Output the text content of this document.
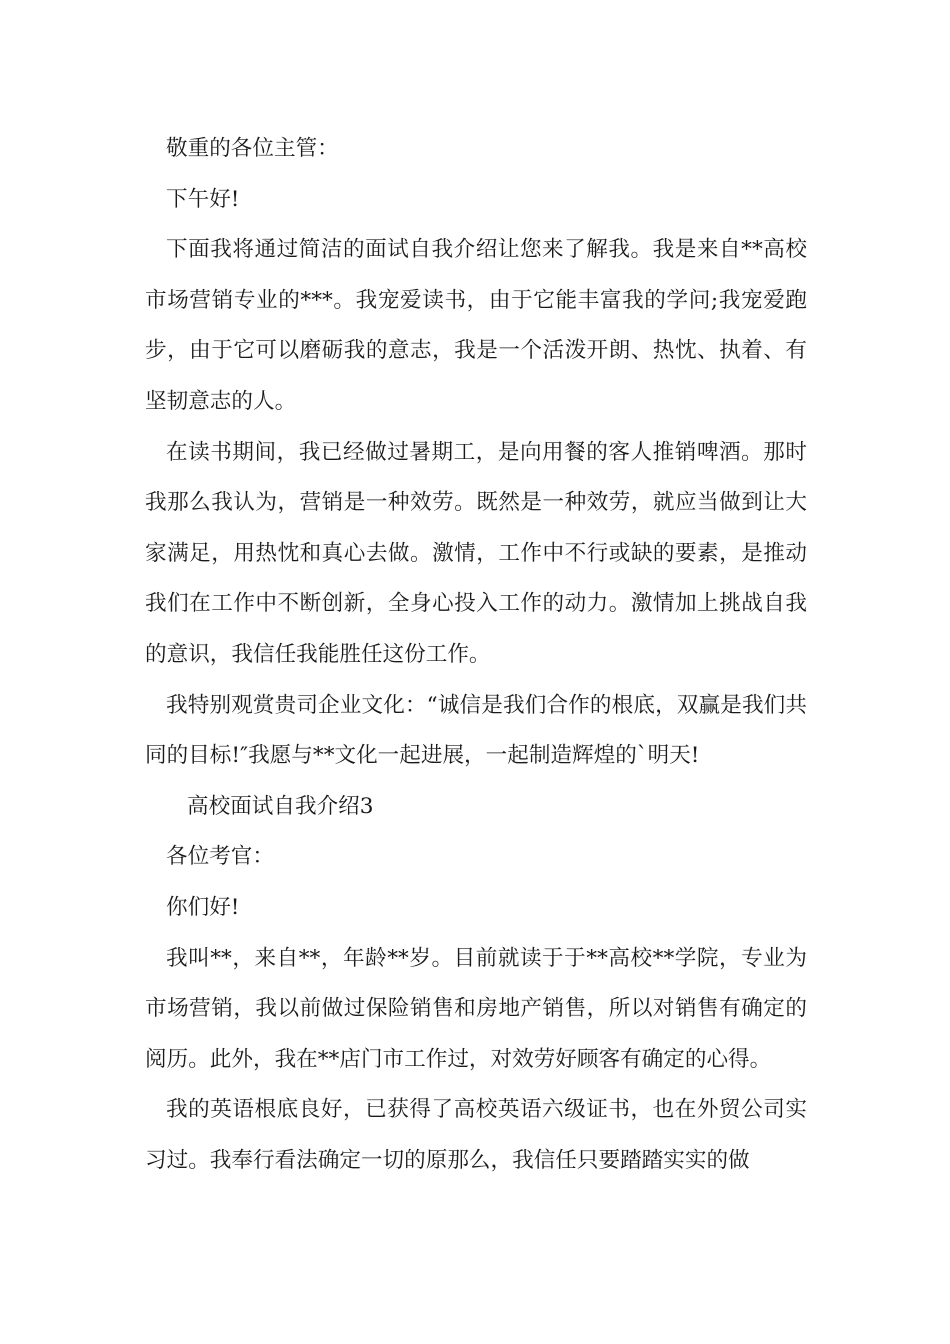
敬重的各位主管：

下午好!

下面我将通过简洁的面试自我介绍让您来了解我。我是来自**高校市场营销专业的***。我宠爱读书，由于它能丰富我的学问;我宠爱跑步，由于它可以磨砺我的意志，我是一个活泼开朗、热忱、执着、有坚韧意志的人。

在读书期间，我已经做过暑期工，是向用餐的客人推销啤酒。那时我那么我认为，营销是一种效劳。既然是一种效劳，就应当做到让大家满足，用热忱和真心去做。激情，工作中不行或缺的要素，是推动我们在工作中不断创新，全身心投入工作的动力。激情加上挑战自我的意识，我信任我能胜任这份工作。

我特别观赏贵司企业文化：“诚信是我们合作的根底，双赢是我们共同的目标!″我愿与**文化一起进展，一起制造辉煌的`明天!

高校面试自我介绍3

各位考官：

你们好!

我叫**，来自**，年龄**岁。目前就读于于**高校**学院，专业为市场营销，我以前做过保险销售和房地产销售，所以对销售有确定的阅历。此外，我在**店门市工作过，对效劳好顾客有确定的心得。

我的英语根底良好，已获得了高校英语六级证书，也在外贸公司实习过。我奉行看法确定一切的原那么，我信任只要踏踏实实的做
